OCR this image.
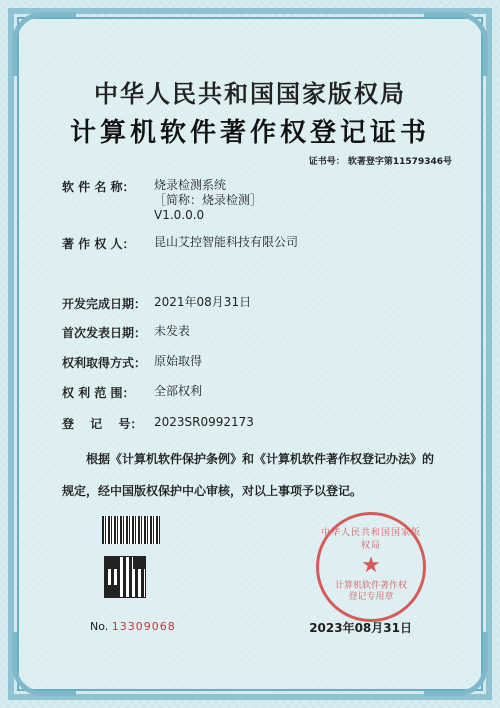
中华人民共和国国家版权局
计算机软件著作权登记证书
证书号： 软著登字第11579346号
软 件 名 称：	烧录检测系统
［简称：烧录检测］
V1.0.0.0
著 作 权 人：	昆山艾控智能科技有限公司
开发完成日期： 2021年08月31日
首次发表日期： 未发表
权利取得方式： 原始取得
权 利 范 围：	全部权利
登　 记　 号： 2023SR0992173
根据《计算机软件保护条例》和《计算机软件著作权登记办法》的
规定，经中国版权保护中心审核，对以上事项予以登记。
No. 13309068
中华人民共和国国家版权局
★
计算机软件著作权
登记专用章
2023年08月31日
